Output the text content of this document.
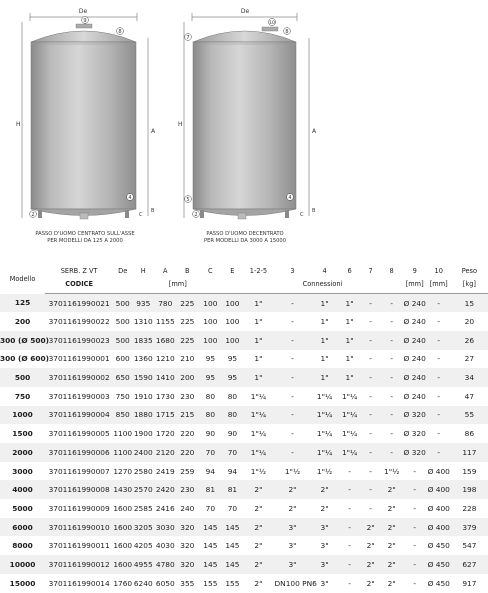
De
H
A
B
C
9
8
4
2
De
H
A
B
C
10
8
7
4
5
2
PASSO D'UOMO CENTRATO SULL'ASSE
PER MODELLI DA 125 A 2000
PASSO D'UOMO DECENTRATO
PER MODELLI DA 3000 A 15000
	SERB. Z VT	De	H	A	B	C	E	1-2-5	3	4	6	7	8	9	10	Peso
Modello	CODICE	[mm]						Connessioni						[mm]	[mm]	[kg]
125	3701161990021	500	935	780	225	100	100	1"	-	1"	1"	-	-	Ø 240	-	15
200	3701161990022	500	1310	1155	225	100	100	1"	-	1"	1"	-	-	Ø 240	-	20
300 (Ø 500)	3701161990023	500	1835	1680	225	100	100	1"	-	1"	1"	-	-	Ø 240	-	26
300 (Ø 600)	3701161990001	600	1360	1210	210	95	95	1"	-	1"	1"	-	-	Ø 240	-	27
500	3701161990002	650	1590	1410	200	95	95	1"	-	1"	1"	-	-	Ø 240	-	34
750	3701161990003	750	1910	1730	230	80	80	1"¼	-	1"¼	1"¼	-	-	Ø 240	-	47
1000	3701161990004	850	1880	1715	215	80	80	1"¼	-	1"¼	1"¼	-	-	Ø 320	-	55
1500	3701161990005	1100	1900	1720	220	90	90	1"¼	-	1"¼	1"¼	-	-	Ø 320	-	86
2000	3701161990006	1100	2400	2120	220	70	70	1"¼	-	1"¼	1"¼	-	-	Ø 320	-	117
3000	3701161990007	1270	2580	2419	259	94	94	1"½	1"½	1"½	-	-	1"½	-	Ø 400	159
4000	3701161990008	1430	2570	2420	230	81	81	2"	2"	2"	-	-	2"	-	Ø 400	198
5000	3701161990009	1600	2585	2416	240	70	70	2"	2"	2"	-	-	2"	-	Ø 400	228
6000	3701161990010	1600	3205	3030	320	145	145	2"	3"	3"	-	2"	2"	-	Ø 400	379
8000	3701161990011	1600	4205	4030	320	145	145	2"	3"	3"	-	2"	2"	-	Ø 450	547
10000	3701161990012	1600	4955	4780	320	145	145	2"	3"	3"	-	2"	2"	-	Ø 450	627
15000	3701161990014	1760	6240	6050	355	155	155	2"	DN100 PN6	3"	-	2"	2"	-	Ø 450	917
